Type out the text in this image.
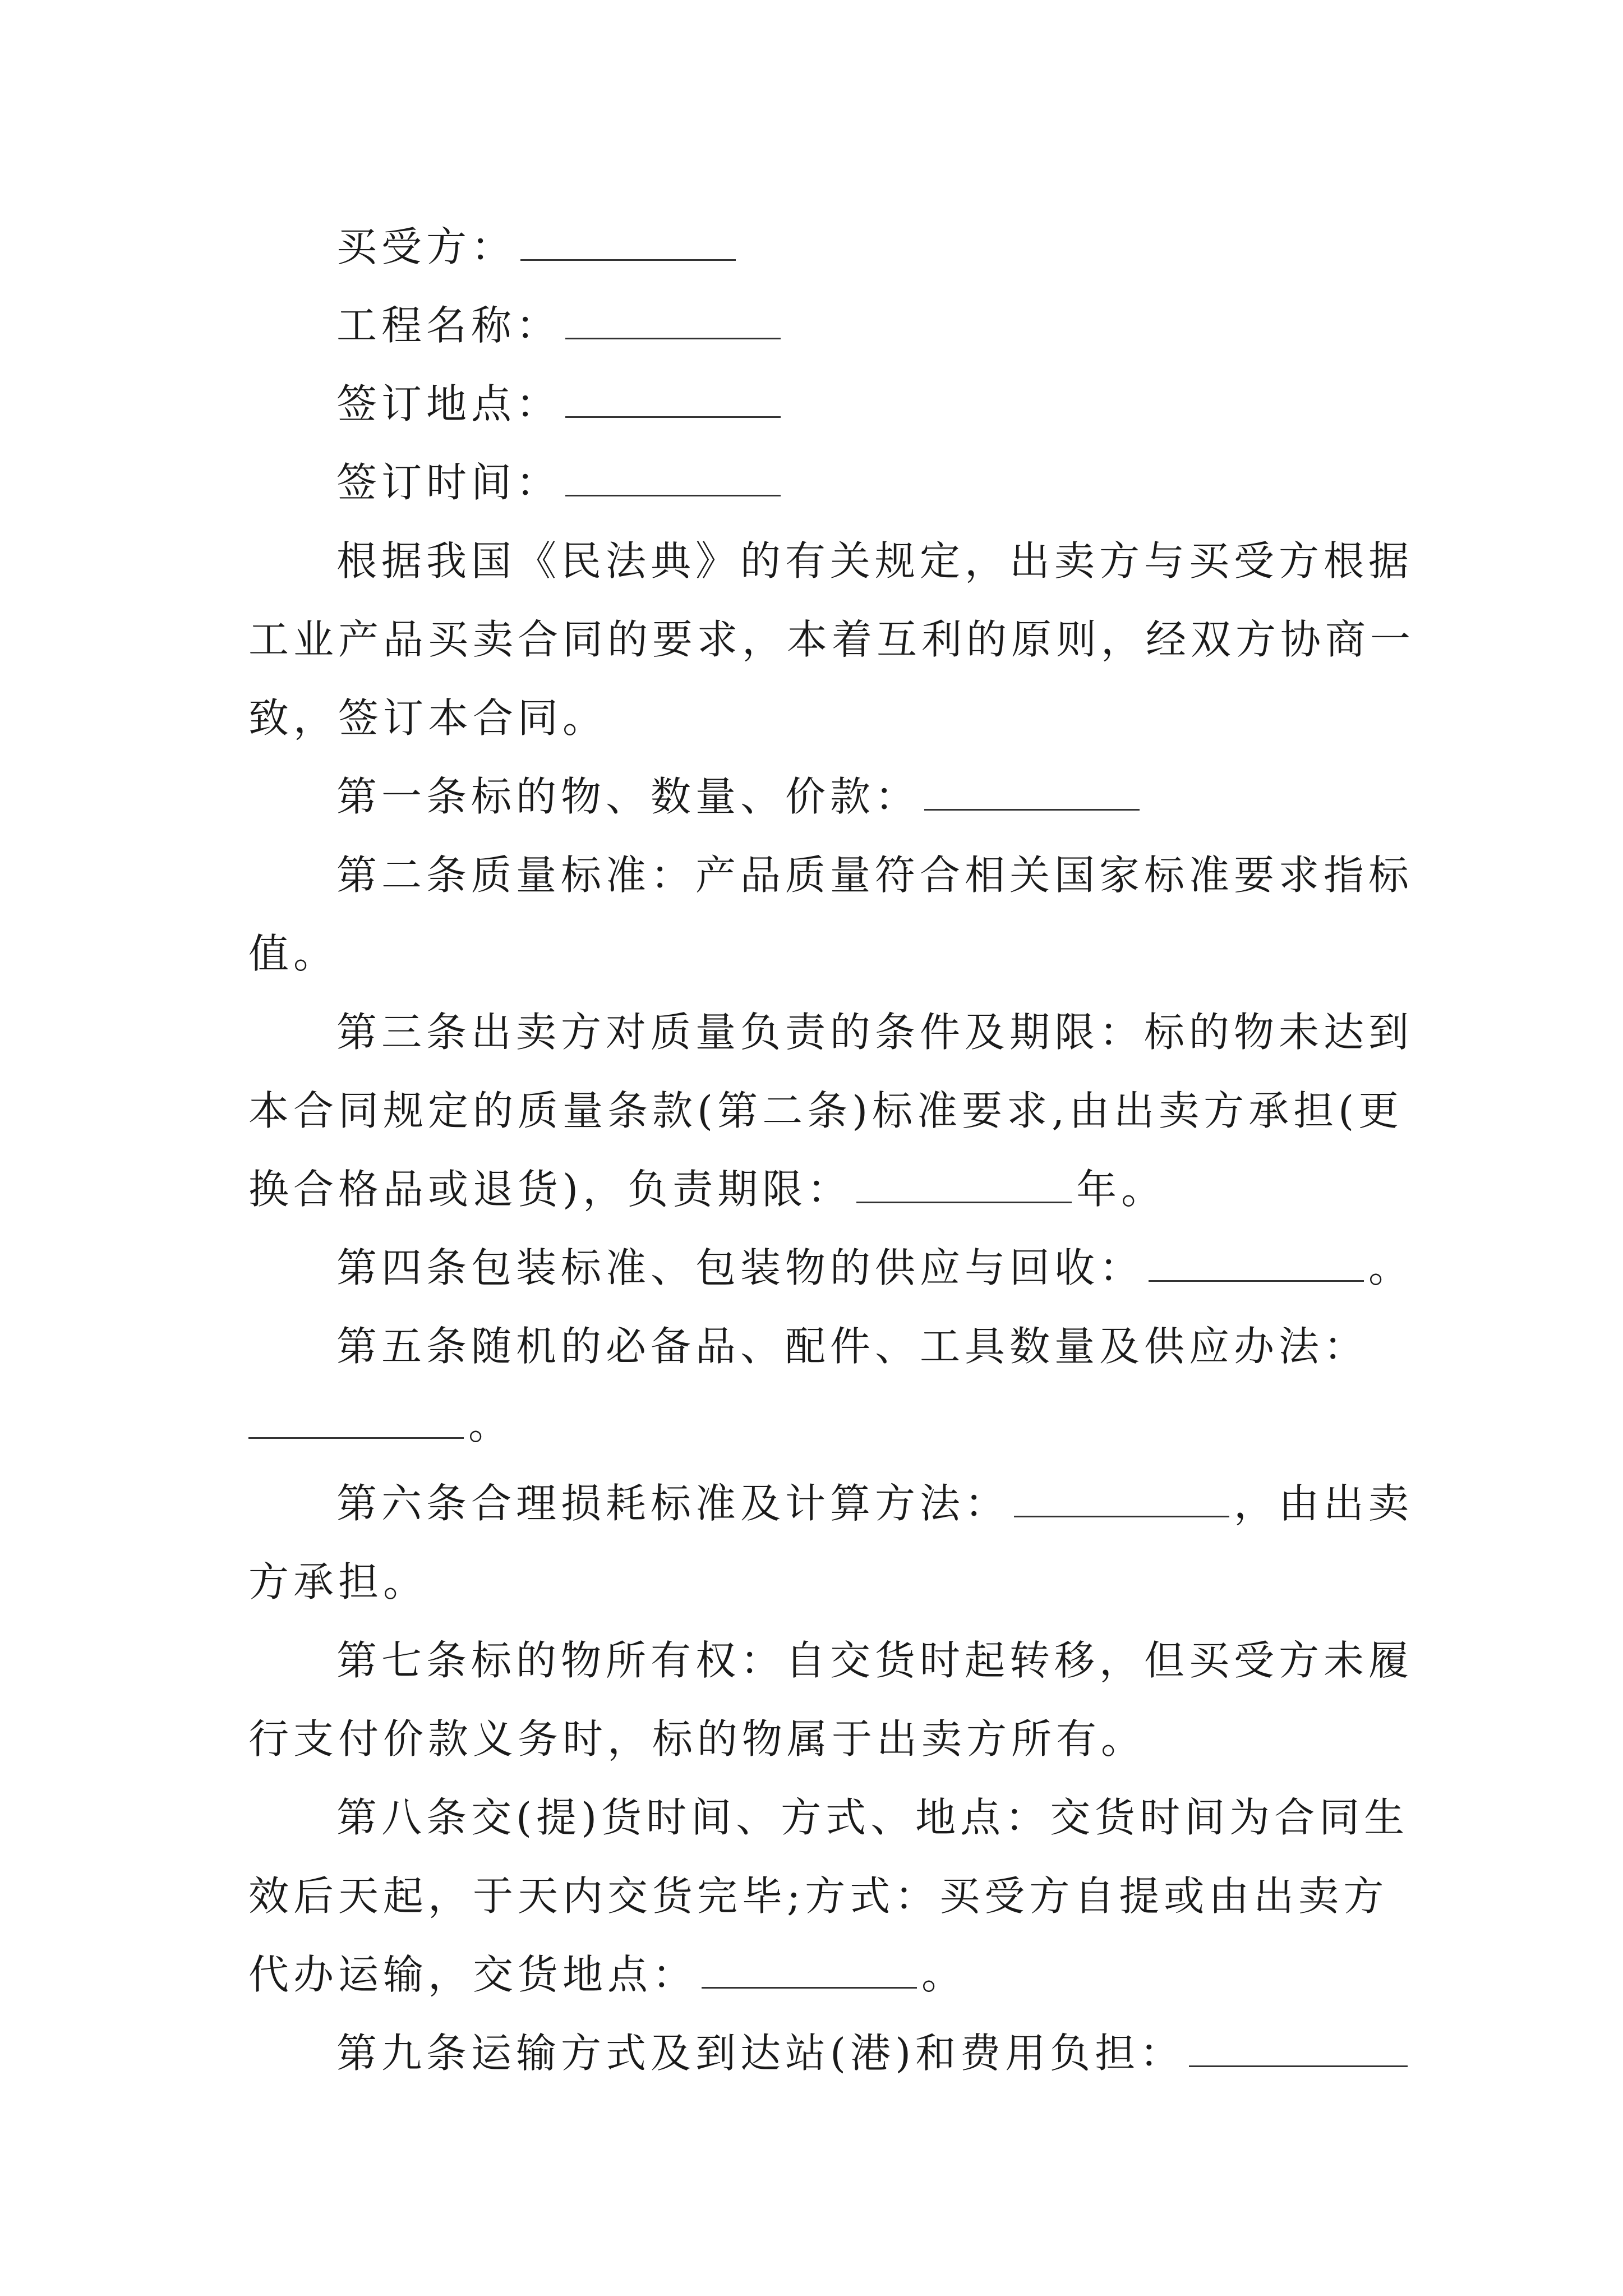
买受方：
工程名称：
签订地点：
签订时间：
根据我国《民法典》的有关规定，出卖方与买受方根据
工业产品买卖合同的要求，本着互利的原则，经双方协商一
致，签订本合同。
第一条标的物、数量、价款：
第二条质量标准：产品质量符合相关国家标准要求指标
值。
第三条出卖方对质量负责的条件及期限：标的物未达到
本合同规定的质量条款(第二条)标准要求,由出卖方承担(更
换合格品或退货)，负责期限：	年。
第四条包装标准、包装物的供应与回收：	。
第五条随机的必备品、配件、工具数量及供应办法：
。
第六条合理损耗标准及计算方法：	，由出卖
方承担。
第七条标的物所有权：自交货时起转移，但买受方未履
行支付价款义务时，标的物属于出卖方所有。
第八条交(提)货时间、方式、地点：交货时间为合同生
效后天起，于天内交货完毕;方式：买受方自提或由出卖方
代办运输，交货地点：	。
第九条运输方式及到达站(港)和费用负担：
